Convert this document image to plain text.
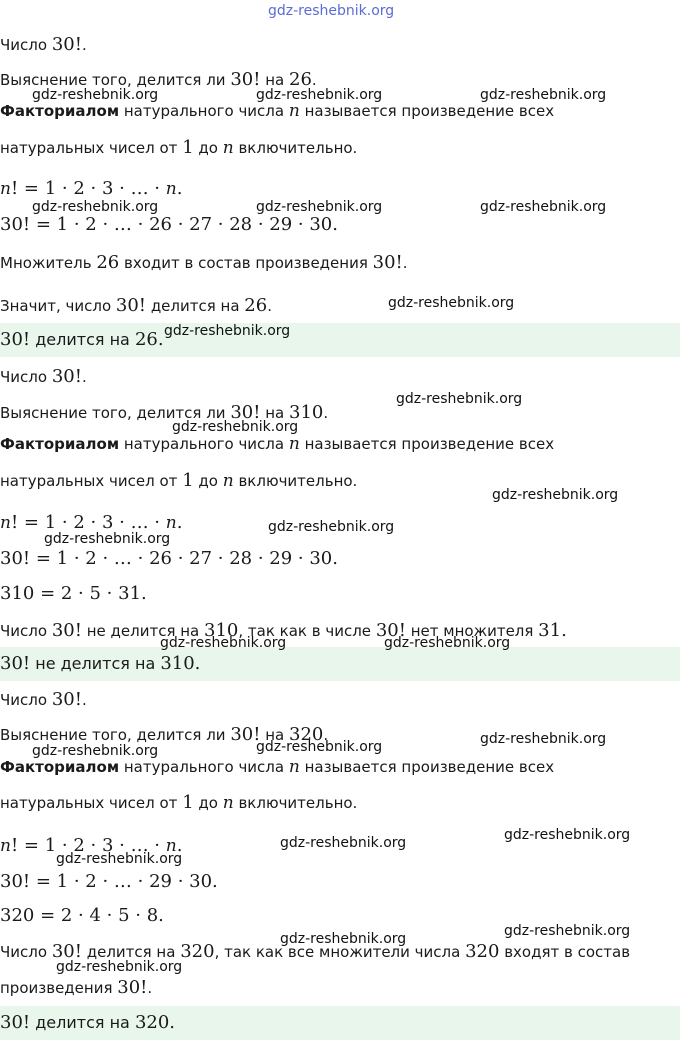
gdz-reshebnik.org
Число 30!.
Выяснение того, делится ли 30! на 26.
Факториалом натурального числа n называется произведение всех
натуральных чисел от 1 до n включительно.
n! = 1 · 2 · 3 · … · n.
30! = 1 · 2 · … · 26 · 27 · 28 · 29 · 30.
Множитель 26 входит в состав произведения 30!.
Значит, число 30! делится на 26.
30! делится на 26.
Число 30!.
Выяснение того, делится ли 30! на 310.
Факториалом натурального числа n называется произведение всех
натуральных чисел от 1 до n включительно.
n! = 1 · 2 · 3 · … · n.
30! = 1 · 2 · … · 26 · 27 · 28 · 29 · 30.
310 = 2 · 5 · 31.
Число 30! не делится на 310, так как в числе 30! нет множителя 31.
30! не делится на 310.
Число 30!.
Выяснение того, делится ли 30! на 320.
Факториалом натурального числа n называется произведение всех
натуральных чисел от 1 до n включительно.
n! = 1 · 2 · 3 · … · n.
30! = 1 · 2 · … · 29 · 30.
320 = 2 · 4 · 5 · 8.
Число 30! делится на 320, так как все множители числа 320 входят в состав
произведения 30!.
30! делится на 320.
gdz-reshebnik.org	gdz-reshebnik.org	gdz-reshebnik.org
gdz-reshebnik.org	gdz-reshebnik.org	gdz-reshebnik.org
gdz-reshebnik.org
gdz-reshebnik.org
gdz-reshebnik.org
gdz-reshebnik.org
gdz-reshebnik.org
gdz-reshebnik.org
gdz-reshebnik.org
gdz-reshebnik.org	gdz-reshebnik.org
gdz-reshebnik.org
gdz-reshebnik.org
gdz-reshebnik.org
gdz-reshebnik.org
gdz-reshebnik.org
gdz-reshebnik.org
gdz-reshebnik.org
gdz-reshebnik.org
gdz-reshebnik.org
